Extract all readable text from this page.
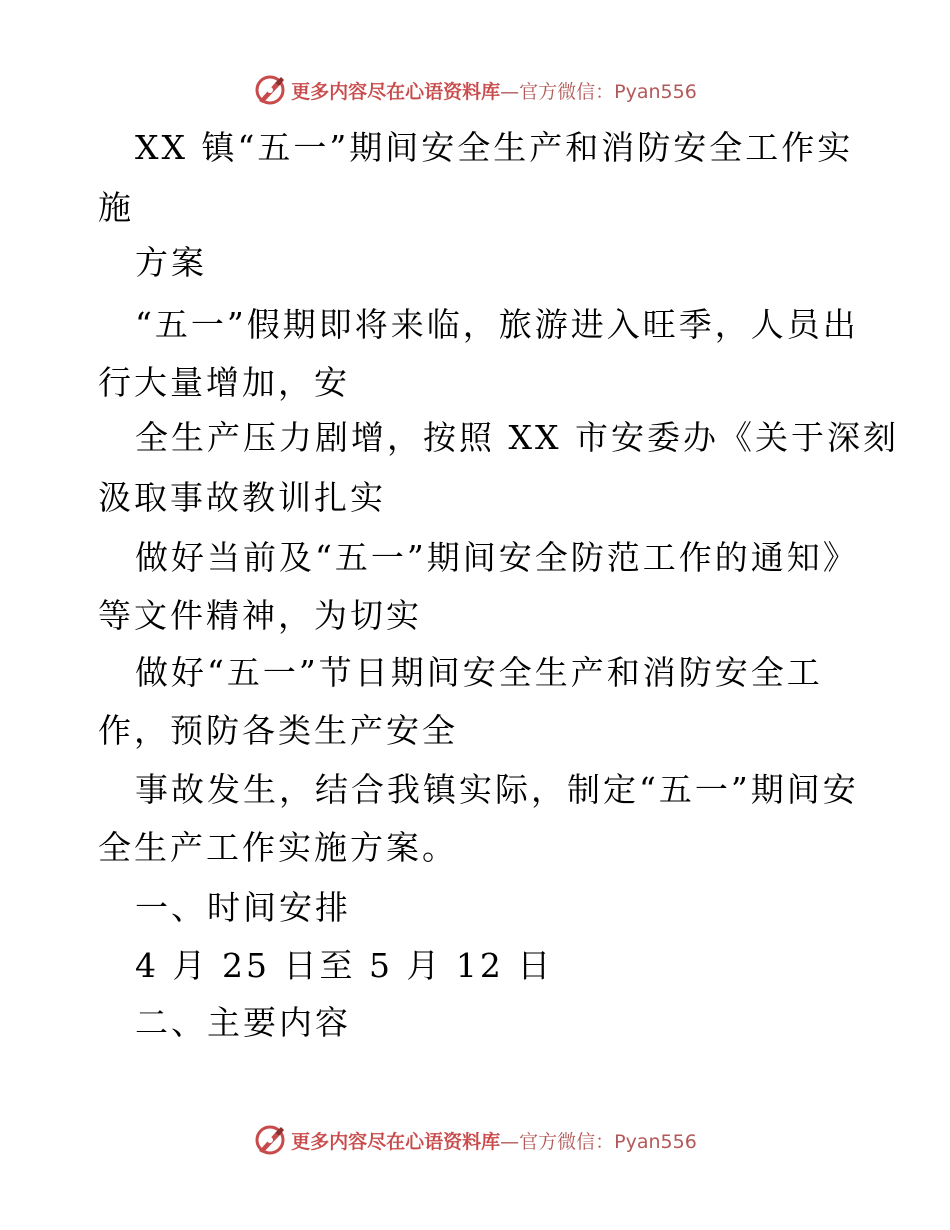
更多内容尽在心语资料库—官方微信：Pyan556
XX 镇“五一”期间安全生产和消防安全工作实
施
方案
“五一”假期即将来临，旅游进入旺季，人员出
行大量增加，安
全生产压力剧增，按照 XX 市安委办《关于深刻
汲取事故教训扎实
做好当前及“五一”期间安全防范工作的通知》
等文件精神，为切实
做好“五一”节日期间安全生产和消防安全工
作，预防各类生产安全
事故发生，结合我镇实际，制定“五一”期间安
全生产工作实施方案。
一、时间安排
4 月 25 日至 5 月 12 日
二、主要内容
更多内容尽在心语资料库—官方微信：Pyan556
